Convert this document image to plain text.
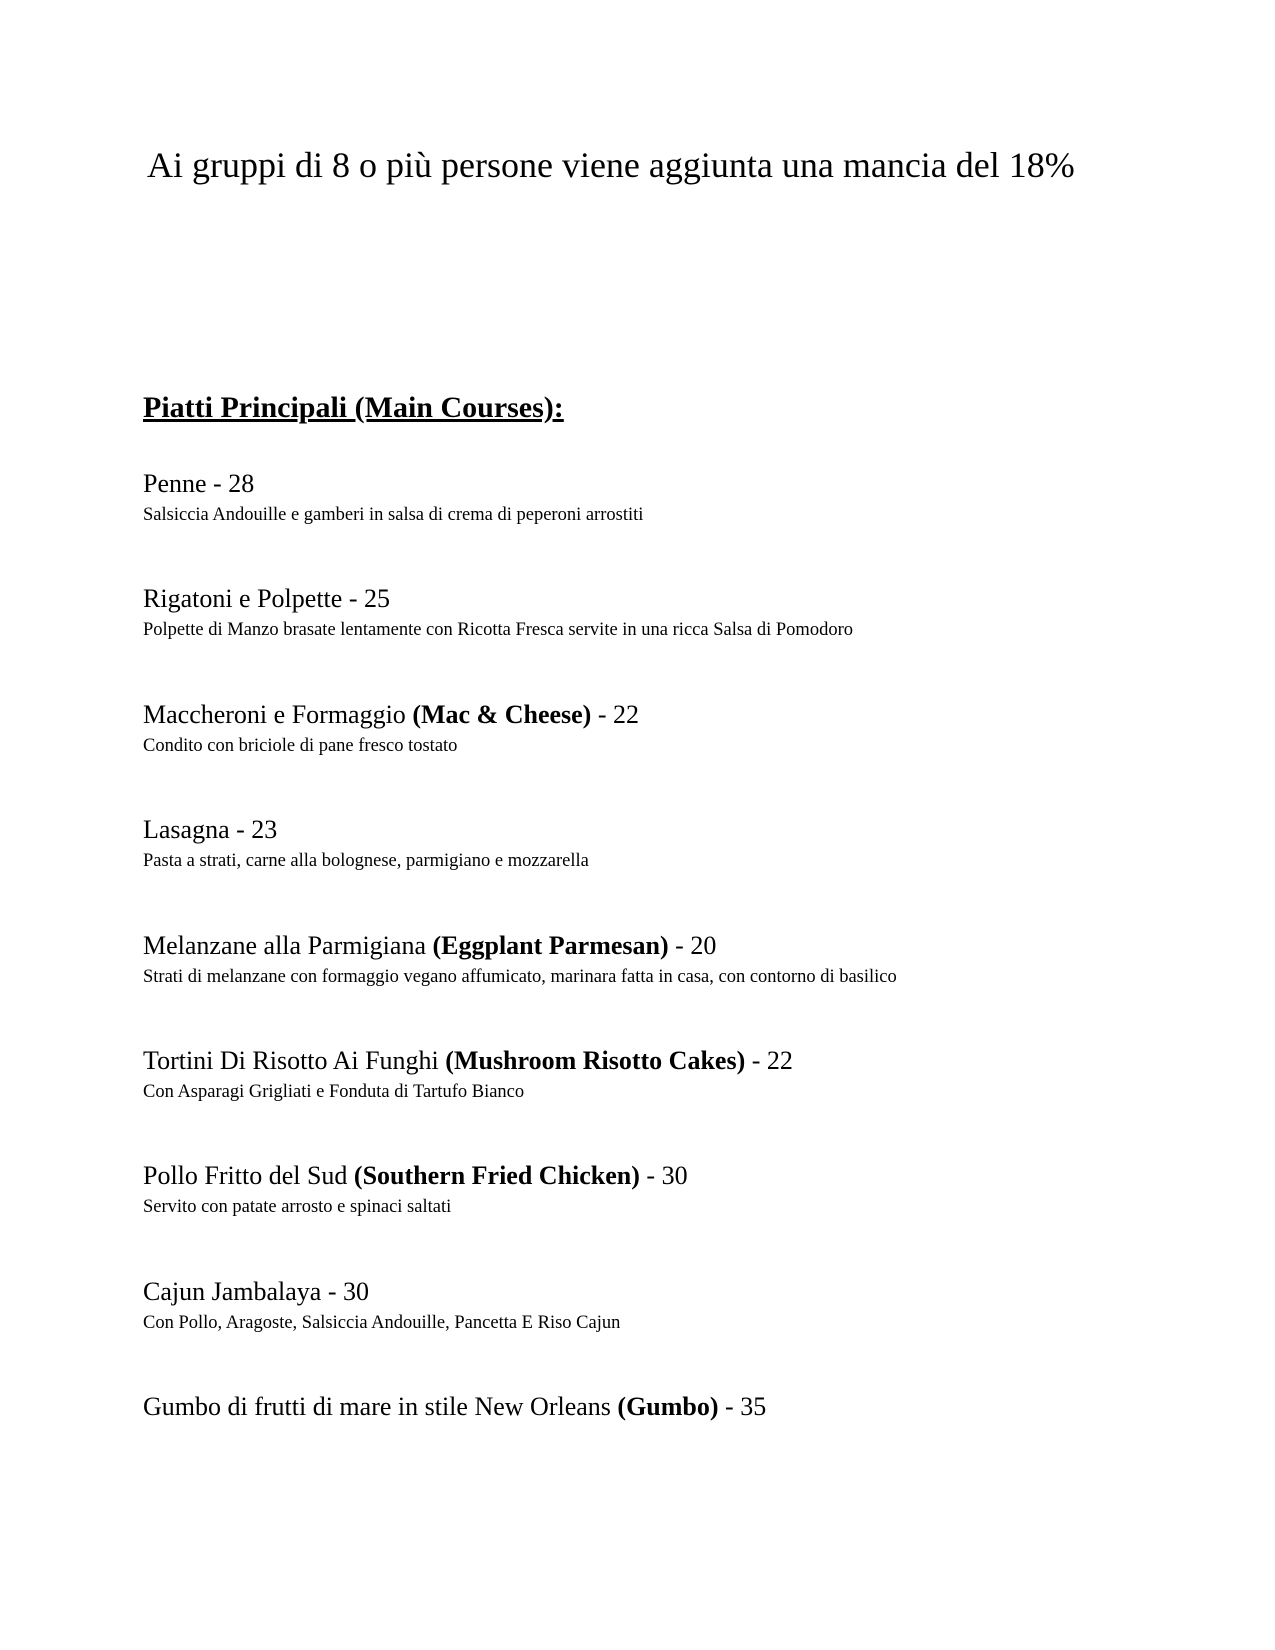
Ai gruppi di 8 o più persone viene aggiunta una mancia del 18%
Piatti Principali (Main Courses):
Penne - 28
Salsiccia Andouille e gamberi in salsa di crema di peperoni arrostiti
Rigatoni e Polpette - 25
Polpette di Manzo brasate lentamente con Ricotta Fresca servite in una ricca Salsa di Pomodoro
Maccheroni e Formaggio (Mac & Cheese) - 22
Condito con briciole di pane fresco tostato
Lasagna - 23
Pasta a strati, carne alla bolognese, parmigiano e mozzarella
Melanzane alla Parmigiana (Eggplant Parmesan) - 20
Strati di melanzane con formaggio vegano affumicato, marinara fatta in casa, con contorno di basilico
Tortini Di Risotto Ai Funghi (Mushroom Risotto Cakes) - 22
Con Asparagi Grigliati e Fonduta di Tartufo Bianco
Pollo Fritto del Sud (Southern Fried Chicken) - 30
Servito con patate arrosto e spinaci saltati
Cajun Jambalaya - 30
Con Pollo, Aragoste, Salsiccia Andouille, Pancetta E Riso Cajun
Gumbo di frutti di mare in stile New Orleans (Gumbo) - 35
